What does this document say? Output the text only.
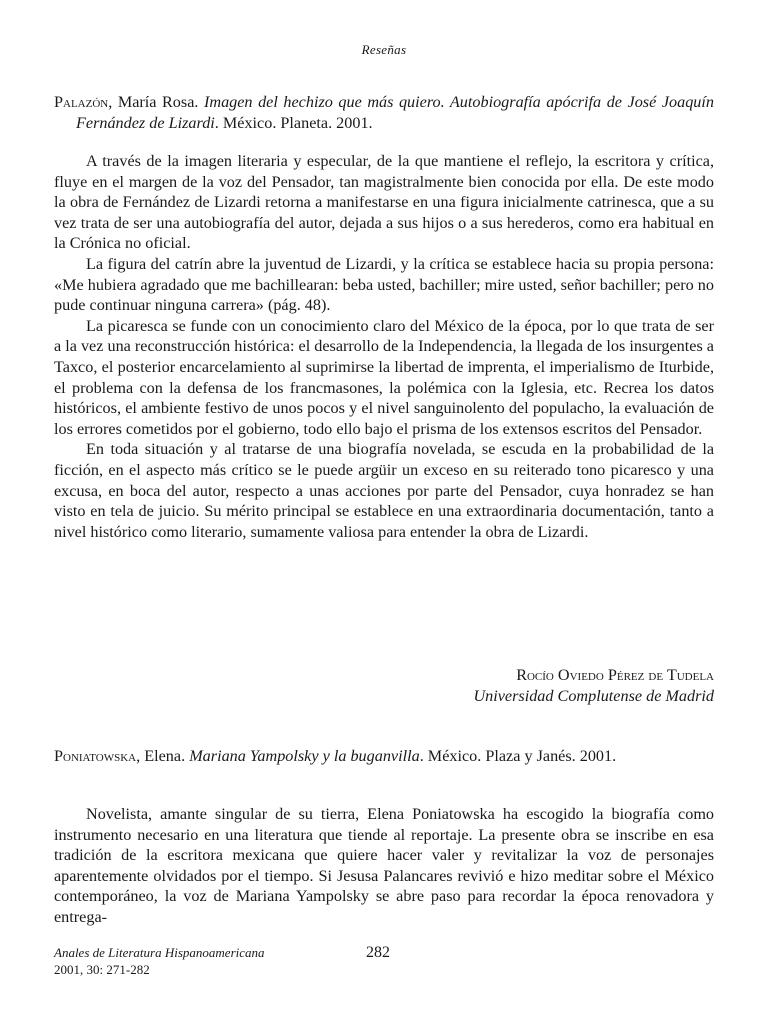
Reseñas
Palazón, María Rosa. Imagen del hechizo que más quiero. Autobiografía apócrifa de José Joaquín Fernández de Lizardi. México. Planeta. 2001.

A través de la imagen literaria y especular, de la que mantiene el reflejo, la escritora y crítica, fluye en el margen de la voz del Pensador, tan magistralmente bien conocida por ella. De este modo la obra de Fernández de Lizardi retorna a manifestarse en una figura inicialmente catrinesca, que a su vez trata de ser una autobiografía del autor, dejada a sus hijos o a sus herederos, como era habitual en la Crónica no oficial.

La figura del catrín abre la juventud de Lizardi, y la crítica se establece hacia su propia persona: «Me hubiera agradado que me bachillearan: beba usted, bachiller; mire usted, señor bachiller; pero no pude continuar ninguna carrera» (pág. 48).

La picaresca se funde con un conocimiento claro del México de la época, por lo que trata de ser a la vez una reconstrucción histórica: el desarrollo de la Independencia, la llegada de los insurgentes a Taxco, el posterior encarcelamiento al suprimirse la libertad de imprenta, el imperialismo de Iturbide, el problema con la defensa de los francmasones, la polémica con la Iglesia, etc. Recrea los datos históricos, el ambiente festivo de unos pocos y el nivel sanguinolento del populacho, la evaluación de los errores cometidos por el gobierno, todo ello bajo el prisma de los extensos escritos del Pensador.

En toda situación y al tratarse de una biografía novelada, se escuda en la probabilidad de la ficción, en el aspecto más crítico se le puede argüir un exceso en su reiterado tono picaresco y una excusa, en boca del autor, respecto a unas acciones por parte del Pensador, cuya honradez se han visto en tela de juicio. Su mérito principal se establece en una extraordinaria documentación, tanto a nivel histórico como literario, sumamente valiosa para entender la obra de Lizardi.

Rocío Oviedo Pérez de Tudela
Universidad Complutense de Madrid
Poniatowska, Elena. Mariana Yampolsky y la buganvilla. México. Plaza y Janés. 2001.

Novelista, amante singular de su tierra, Elena Poniatowska ha escogido la biografía como instrumento necesario en una literatura que tiende al reportaje. La presente obra se inscribe en esa tradición de la escritora mexicana que quiere hacer valer y revitalizar la voz de personajes aparentemente olvidados por el tiempo. Si Jesusa Palancares revivió e hizo meditar sobre el México contemporáneo, la voz de Mariana Yampolsky se abre paso para recordar la época renovadora y entrega-

Anales de Literatura Hispanoamericana
2001, 30: 271-282
282
